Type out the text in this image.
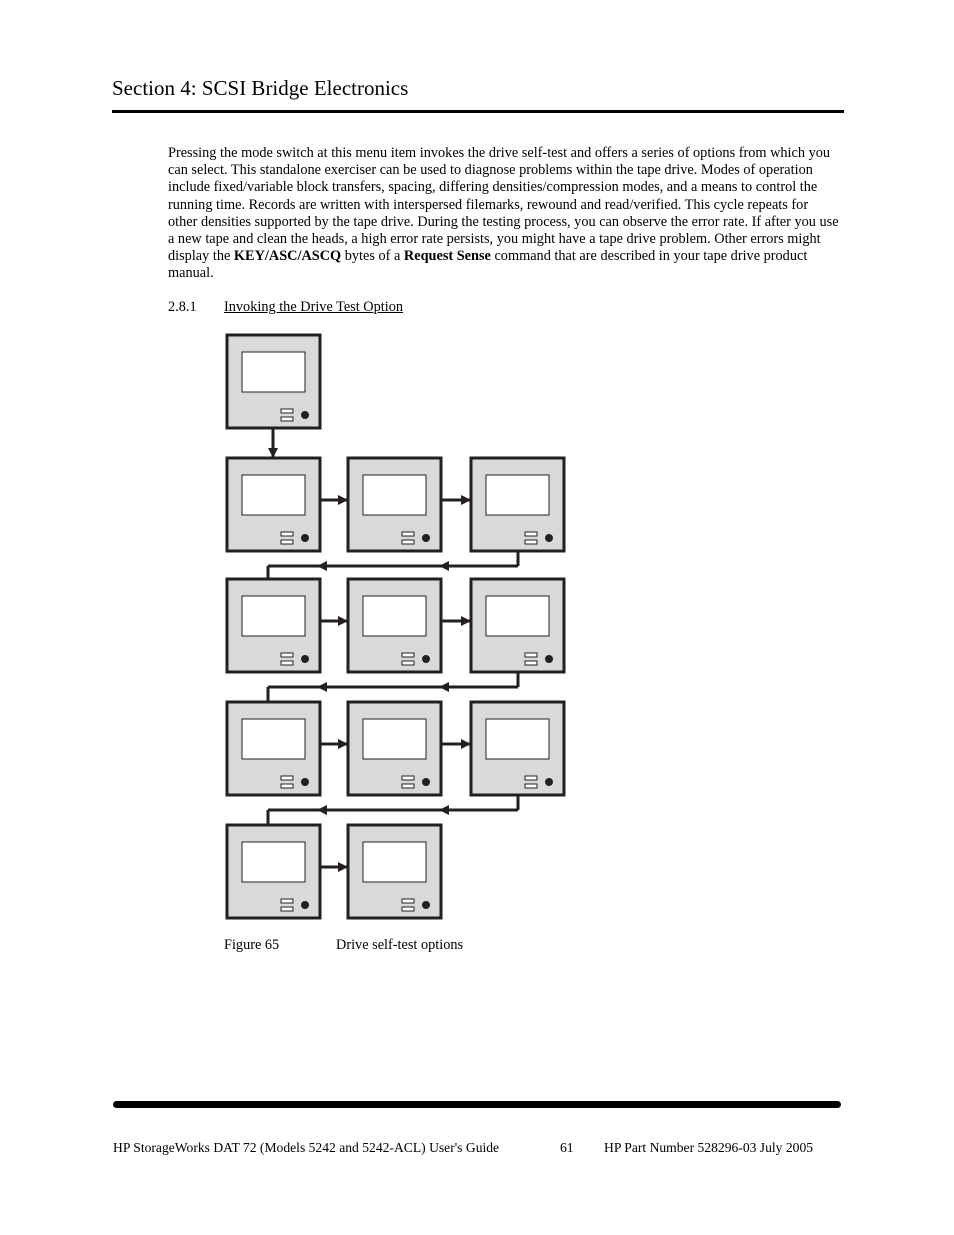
Section 4: SCSI Bridge Electronics
Pressing the mode switch at this menu item invokes the drive self-test and offers a series of options from which you can select. This standalone exerciser can be used to diagnose problems within the tape drive. Modes of operation include fixed/variable block transfers, spacing, differing densities/compression modes, and a means to control the running time. Records are written with interspersed filemarks, rewound and read/verified. This cycle repeats for other densities supported by the tape drive. During the testing process, you can observe the error rate. If after you use a new tape and clean the heads, a high error rate persists, you might have a tape drive problem. Other errors might display the KEY/ASC/ASCQ bytes of a Request Sense command that are described in your tape drive product manual.
2.8.1 Invoking the Drive Test Option
Figure 65	Drive self-test options
HP StorageWorks DAT 72 (Models 5242 and 5242-ACL) User's Guide	61 HP Part Number 528296-03 July 2005
